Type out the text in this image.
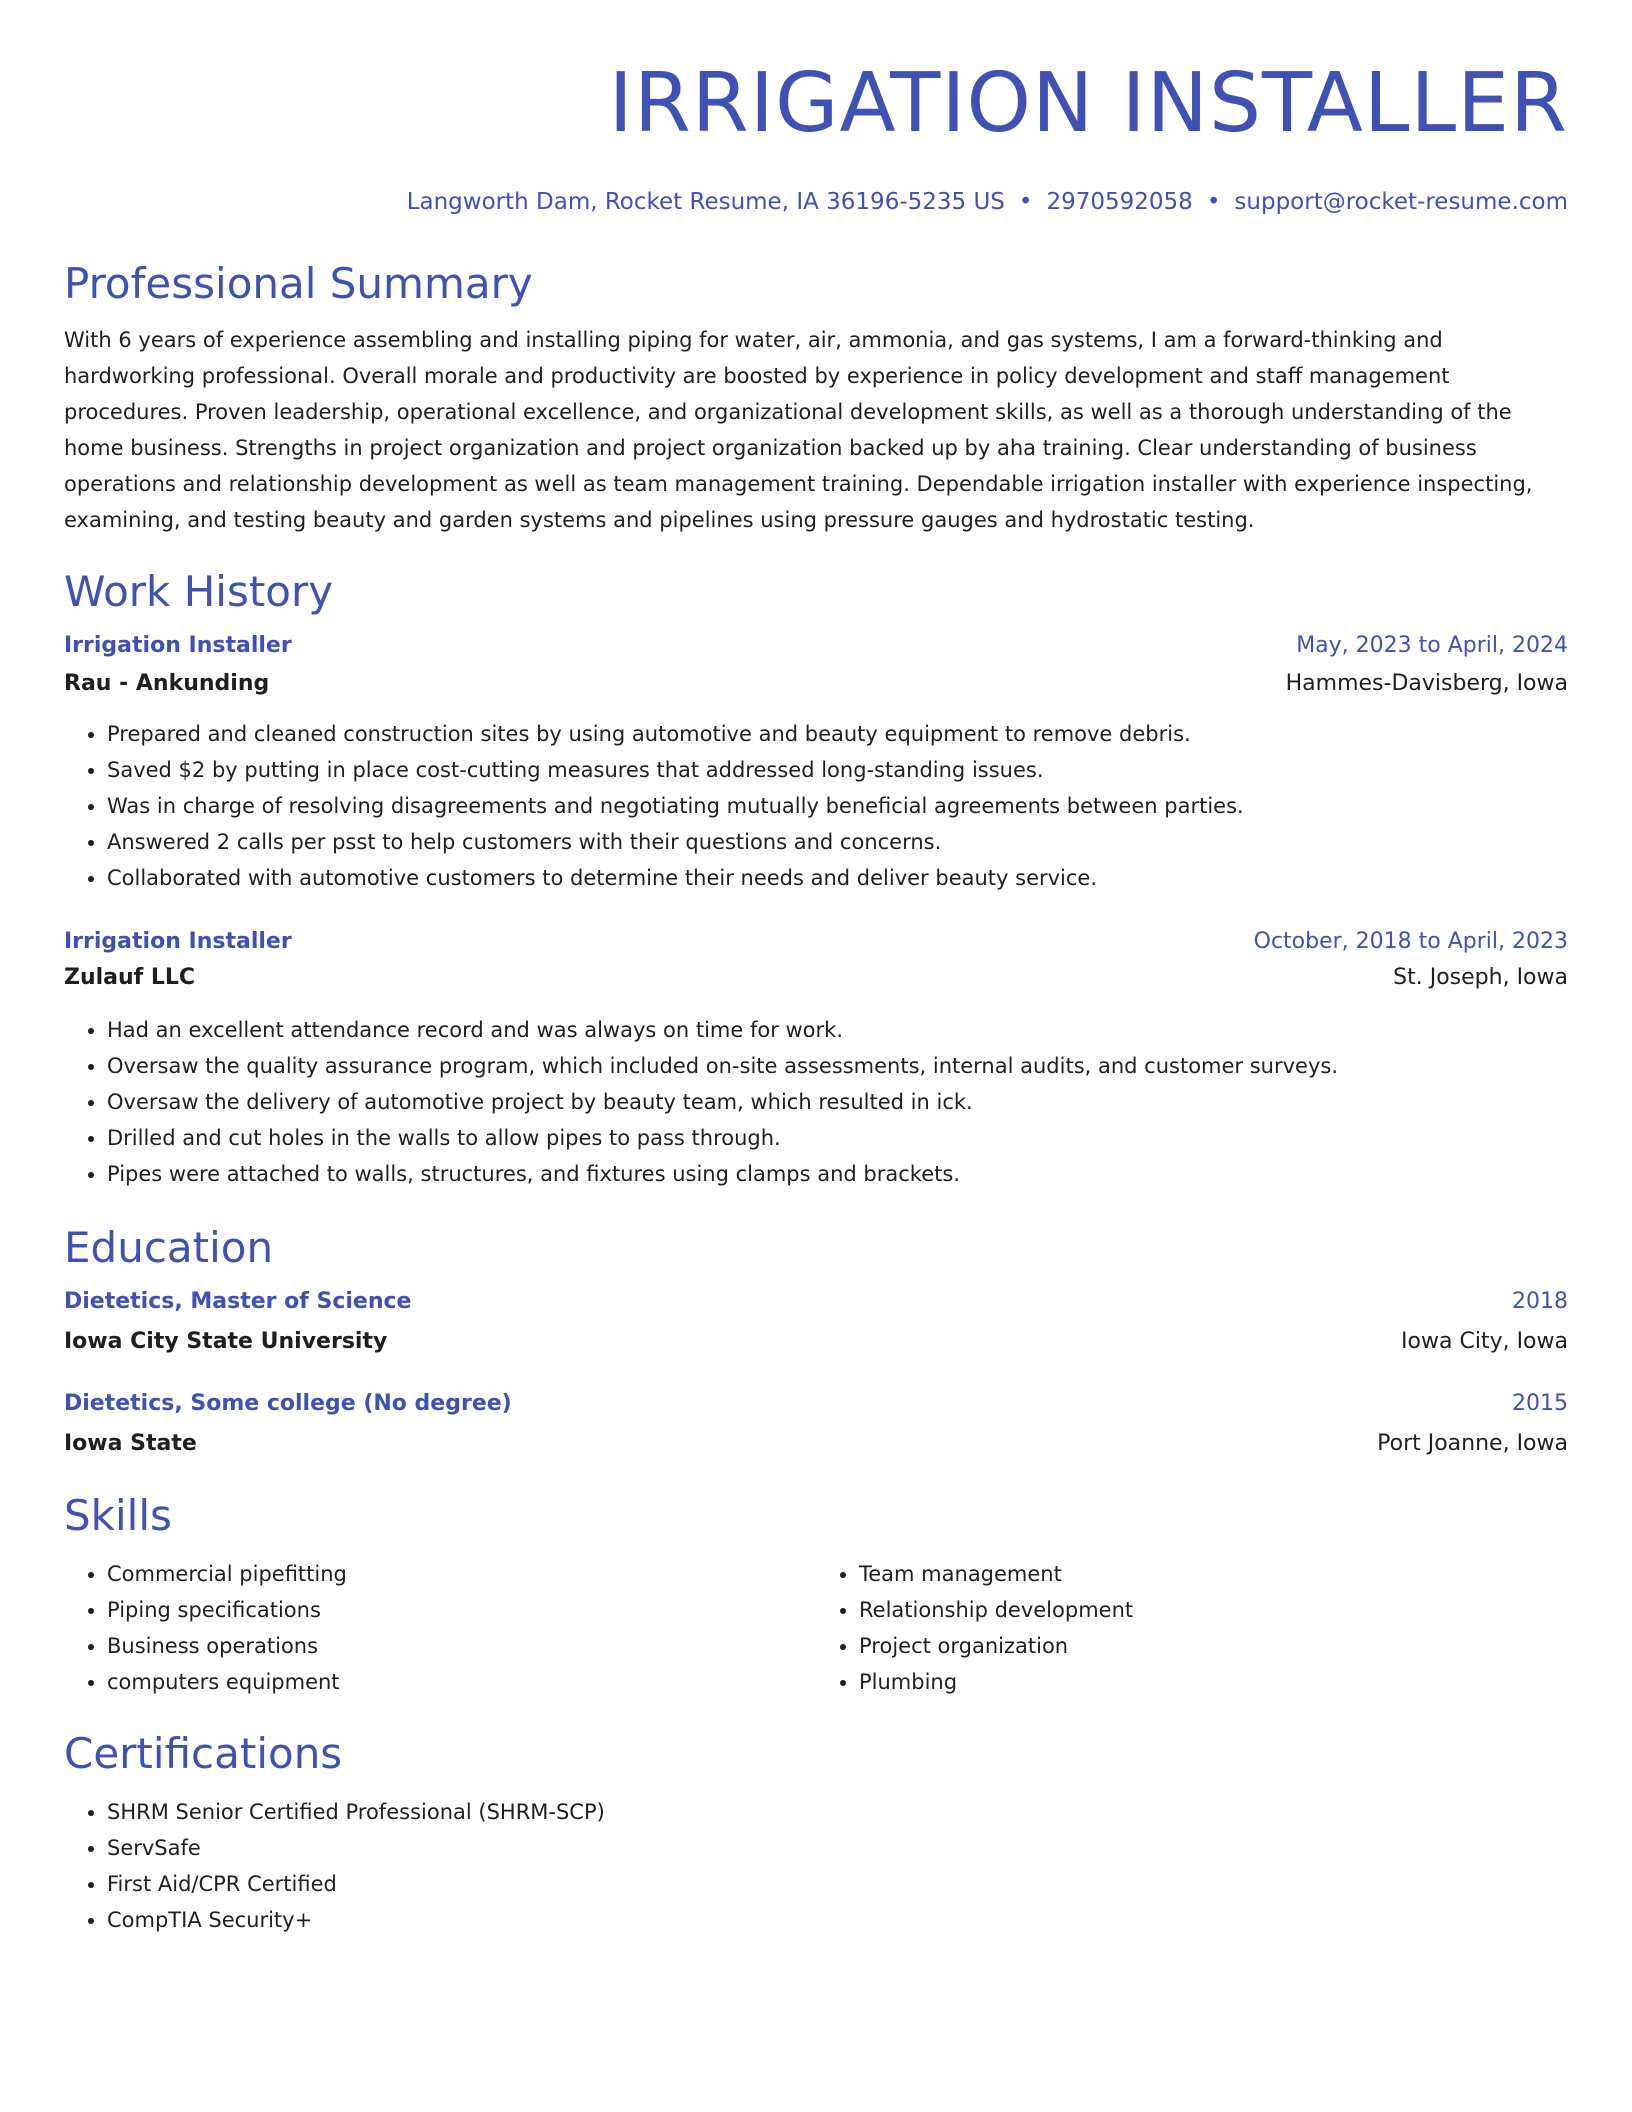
IRRIGATION INSTALLER
Langworth Dam, Rocket Resume, IA 36196-5235 US • 2970592058 • support@rocket-resume.com
Professional Summary

With 6 years of experience assembling and installing piping for water, air, ammonia, and gas systems, I am a forward-thinking and hardworking professional. Overall morale and productivity are boosted by experience in policy development and staff management procedures. Proven leadership, operational excellence, and organizational development skills, as well as a thorough understanding of the home business. Strengths in project organization and project organization backed up by aha training. Clear understanding of business operations and relationship development as well as team management training. Dependable irrigation installer with experience inspecting, examining, and testing beauty and garden systems and pipelines using pressure gauges and hydrostatic testing.

Work History
Irrigation Installer	May, 2023 to April, 2024
Rau - Ankunding	Hammes-Davisberg, Iowa
• Prepared and cleaned construction sites by using automotive and beauty equipment to remove debris.
• Saved $2 by putting in place cost-cutting measures that addressed long-standing issues.
• Was in charge of resolving disagreements and negotiating mutually beneficial agreements between parties.
• Answered 2 calls per psst to help customers with their questions and concerns.
• Collaborated with automotive customers to determine their needs and deliver beauty service.
Irrigation Installer	October, 2018 to April, 2023
Zulauf LLC	St. Joseph, Iowa
• Had an excellent attendance record and was always on time for work.
• Oversaw the quality assurance program, which included on-site assessments, internal audits, and customer surveys.
• Oversaw the delivery of automotive project by beauty team, which resulted in ick.
• Drilled and cut holes in the walls to allow pipes to pass through.
• Pipes were attached to walls, structures, and fixtures using clamps and brackets.
Education
Dietetics, Master of Science	2018
Iowa City State University	Iowa City, Iowa
Dietetics, Some college (No degree)	2015
Iowa State	Port Joanne, Iowa
Skills
• Commercial pipefitting
• Piping specifications
• Business operations
• computers equipment
• Team management
• Relationship development
• Project organization
• Plumbing
Certifications
• SHRM Senior Certified Professional (SHRM-SCP)
• ServSafe
• First Aid/CPR Certified
• CompTIA Security+
